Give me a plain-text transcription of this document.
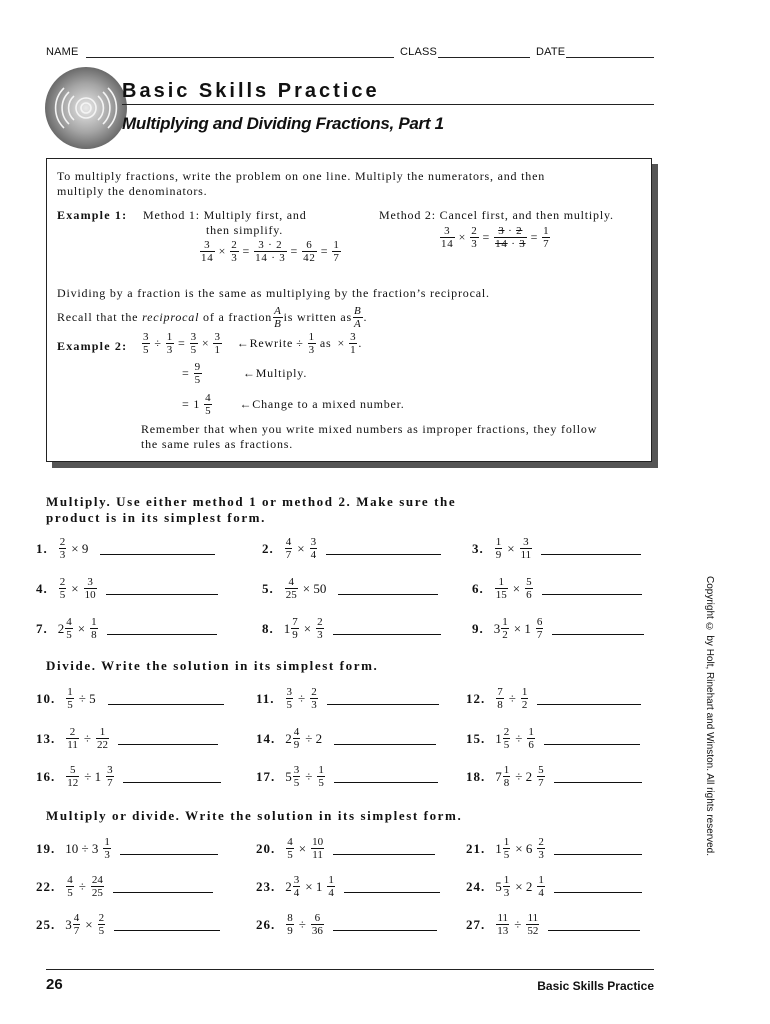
NAME	CLASS	DATE
Basic Skills Practice
Multiplying and Dividing Fractions, Part 1
To multiply fractions, write the problem on one line. Multiply the numerators, and then
multiply the denominators.
Example 1: Method 1: Multiply first, and
then simplify.
Method 2: Cancel first, and then multiply.
$\frac{3}{14} \times \frac{2}{3} = \frac{3 \cdot 2}{14 \cdot 3} = \frac{6}{42} = \frac{1}{7}$
$\frac{3}{14} \times \frac{2}{3} = \frac{3 \cdot 2}{14 \cdot 3} = \frac{1}{7}$
Dividing by a fraction is the same as multiplying by the fraction’s reciprocal.
Recall that the
reciprocal
of a fraction $\frac{A}{B}$ is written as $\frac{B}{A}$ .
Example 2: $\frac{3}{5} \div \frac{1}{3} = \frac{3}{5} \times \frac{3}{1}$ ←Rewrite ÷ $\frac{1}{3}$ as × $\frac{3}{1}$ .
= $\frac{9}{5}$	←Multiply.
= $1 \frac{4}{5}$ ←Change to a mixed number.
Remember that when you write mixed numbers as improper fractions, they follow
the same rules as fractions.
Multiply. Use either method 1 or method 2. Make sure the
product is in its simplest form.
1. $\frac{2}{3} \times 9$	2. $\frac{4}{7} \times \frac{3}{4}$	3. $\frac{1}{9} \times \frac{3}{11}$
4. $\frac{2}{5} \times \frac{3}{10}$	5. $\frac{4}{25} \times 50$	6. $\frac{1}{15} \times \frac{5}{6}$
7. $2 \frac{4}{5} \times \frac{1}{8}$	8. $1 \frac{7}{9} \times \frac{2}{3}$	9. $3 \frac{1}{2} \times 1 \frac{6}{7}$
Divide. Write the solution in its simplest form.
10. $\frac{1}{5} \div 5$	11. $\frac{3}{5} \div \frac{2}{3}$	12. $\frac{7}{8} \div \frac{1}{2}$
13. $\frac{2}{11} \div \frac{1}{22}$	14. $2 \frac{4}{9} \div 2$	15. $1 \frac{2}{5} \div \frac{1}{6}$
16. $\frac{5}{12} \div 1 \frac{3}{7}$	17. $5 \frac{3}{5} \div \frac{1}{5}$	18. $7 \frac{1}{8} \div 2 \frac{5}{7}$
Multiply or divide. Write the solution in its simplest form.
19. $10 \div 3 \frac{1}{3}$	20. $\frac{4}{5} \times \frac{10}{11}$	21. $1 \frac{1}{5} \times 6 \frac{2}{3}$
22. $\frac{4}{5} \div \frac{24}{25}$	23. $2 \frac{3}{4} \times 1 \frac{1}{4}$	24. $5 \frac{1}{3} \times 2 \frac{1}{4}$
25. $3 \frac{4}{7} \times \frac{2}{5}$	26. $\frac{8}{9} \div \frac{6}{36}$	27. $\frac{11}{13} \div \frac{11}{52}$
Copyright © by Holt, Rinehart and Winston. All rights reserved.
26	Basic Skills Practice
